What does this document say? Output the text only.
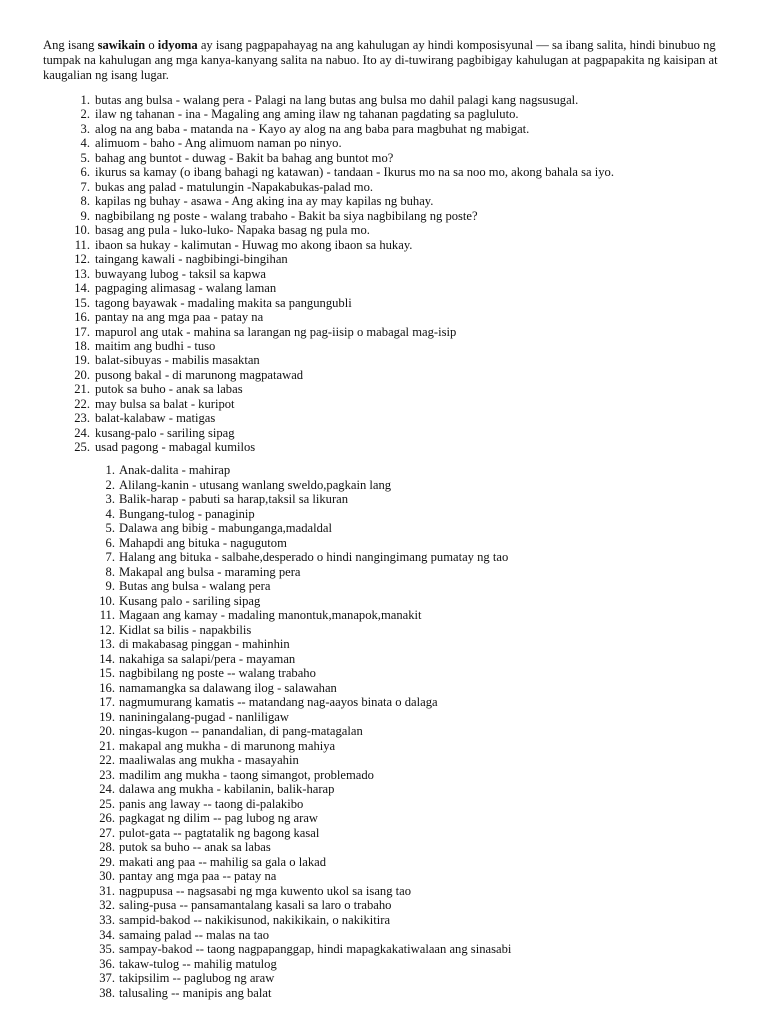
Ang isang sawikain o idyoma ay isang pagpapahayag na ang kahulugan ay hindi komposisyunal — sa ibang salita, hindi binubuo ng tumpak na kahulugan ang mga kanya-kanyang salita na nabuo. Ito ay di-tuwirang pagbibigay kahulugan at pagpapakita ng kaisipan at kaugalian ng isang lugar.

1. butas ang bulsa - walang pera - Palagi na lang butas ang bulsa mo dahil palagi kang nagsusugal.
2. ilaw ng tahanan - ina - Magaling ang aming ilaw ng tahanan pagdating sa pagluluto.
3. alog na ang baba - matanda na - Kayo ay alog na ang baba para magbuhat ng mabigat.
4. alimuom - baho - Ang alimuom naman po ninyo.
5. bahag ang buntot - duwag - Bakit ba bahag ang buntot mo?
6. ikurus sa kamay (o ibang bahagi ng katawan) - tandaan - Ikurus mo na sa noo mo, akong bahala sa iyo.
7. bukas ang palad - matulungin -Napakabukas-palad mo.
8. kapilas ng buhay - asawa - Ang aking ina ay may kapilas ng buhay.
9. nagbibilang ng poste - walang trabaho - Bakit ba siya nagbibilang ng poste?
10. basag ang pula - luko-luko- Napaka basag ng pula mo.
11. ibaon sa hukay - kalimutan - Huwag mo akong ibaon sa hukay.
12. taingang kawali - nagbibingi-bingihan
13. buwayang lubog - taksil sa kapwa
14. pagpaging alimasag - walang laman
15. tagong bayawak - madaling makita sa pangungubli
16. pantay na ang mga paa - patay na
17. mapurol ang utak - mahina sa larangan ng pag-iisip o mabagal mag-isip
18. maitim ang budhi - tuso
19. balat-sibuyas - mabilis masaktan
20. pusong bakal - di marunong magpatawad
21. putok sa buho - anak sa labas
22. may bulsa sa balat - kuripot
23. balat-kalabaw - matigas
24. kusang-palo - sariling sipag
25. usad pagong - mabagal kumilos
1. Anak-dalita - mahirap
2. Alilang-kanin - utusang wanlang sweldo,pagkain lang
3. Balik-harap - pabuti sa harap,taksil sa likuran
4. Bungang-tulog - panaginip
5. Dalawa ang bibig - mabunganga,madaldal
6. Mahapdi ang bituka - nagugutom
7. Halang ang bituka - salbahe,desperado o hindi nangingimang pumatay ng tao
8. Makapal ang bulsa - maraming pera
9. Butas ang bulsa - walang pera
10. Kusang palo - sariling sipag
11. Magaan ang kamay - madaling manontuk,manapok,manakit
12. Kidlat sa bilis - napakbilis
13. di makabasag pinggan - mahinhin
14. nakahiga sa salapi/pera - mayaman
15. nagbibilang ng poste -- walang trabaho
16. namamangka sa dalawang ilog - salawahan
17. nagmumurang kamatis -- matandang nag-aayos binata o dalaga
19. naniningalang-pugad - nanliligaw
20. ningas-kugon -- panandalian, di pang-matagalan
21. makapal ang mukha - di marunong mahiya
22. maaliwalas ang mukha - masayahin
23. madilim ang mukha - taong simangot, problemado
24. dalawa ang mukha - kabilanin, balik-harap
25. panis ang laway -- taong di-palakibo
26. pagkagat ng dilim -- pag lubog ng araw
27. pulot-gata -- pagtatalik ng bagong kasal
28. putok sa buho -- anak sa labas
29. makati ang paa -- mahilig sa gala o lakad
30. pantay ang mga paa -- patay na
31. nagpupusa -- nagsasabi ng mga kuwento ukol sa isang tao
32. saling-pusa -- pansamantalang kasali sa laro o trabaho
33. sampid-bakod -- nakikisunod, nakikikain, o nakikitira
34. samaing palad -- malas na tao
35. sampay-bakod -- taong nagpapanggap, hindi mapagkakatiwalaan ang sinasabi
36. takaw-tulog -- mahilig matulog
37. takipsilim -- paglubog ng araw
38. talusaling -- manipis ang balat
